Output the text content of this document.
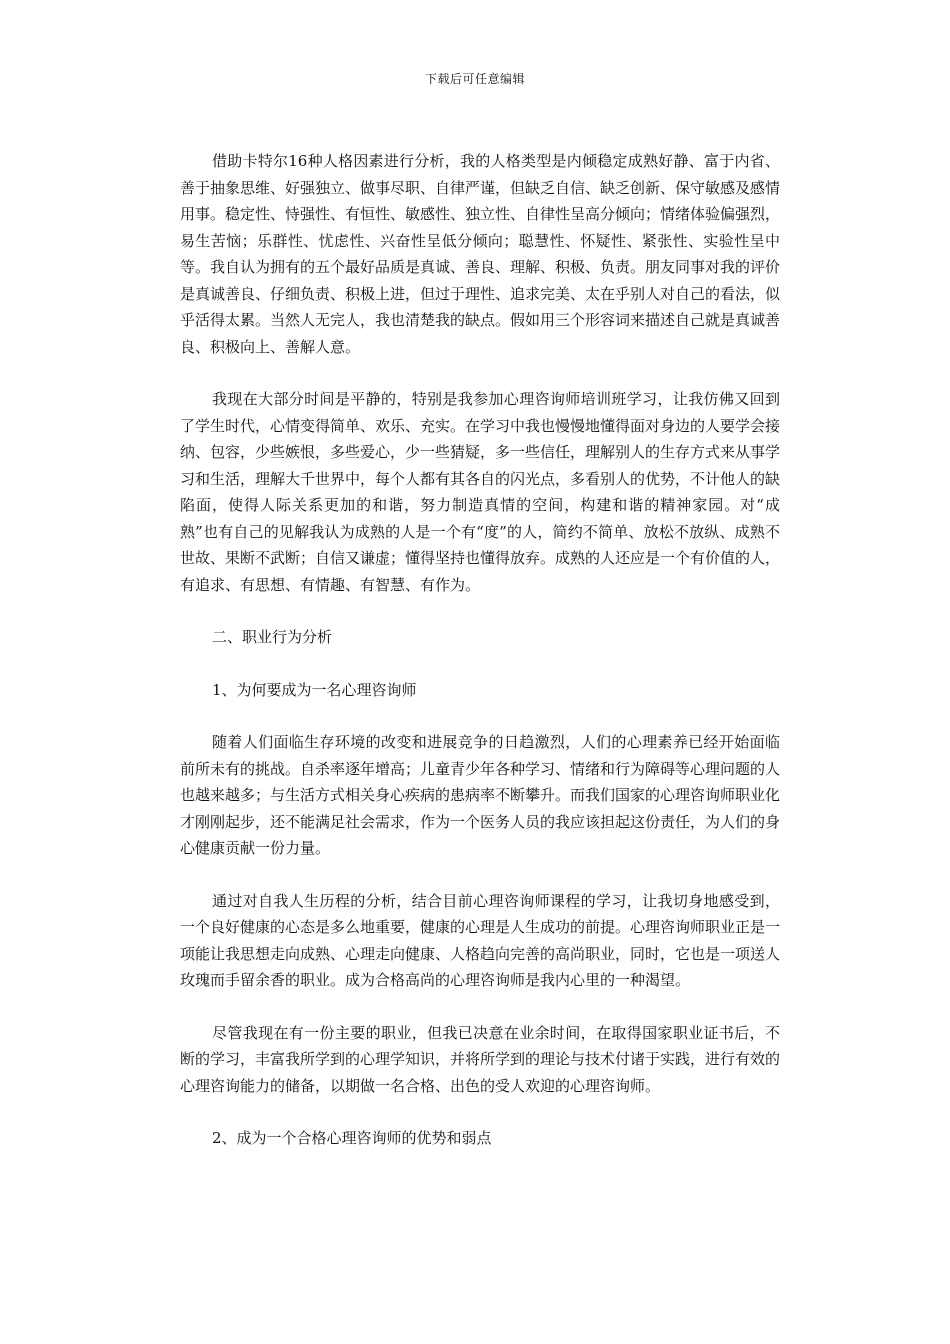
下载后可任意编辑

借助卡特尔16种人格因素进行分析，我的人格类型是内倾稳定成熟好静、富于内省、善于抽象思维、好强独立、做事尽职、自律严谨，但缺乏自信、缺乏创新、保守敏感及感情用事。稳定性、恃强性、有恒性、敏感性、独立性、自律性呈高分倾向；情绪体验偏强烈，易生苦恼；乐群性、忧虑性、兴奋性呈低分倾向；聪慧性、怀疑性、紧张性、实验性呈中等。我自认为拥有的五个最好品质是真诚、善良、理解、积极、负责。朋友同事对我的评价是真诚善良、仔细负责、积极上进，但过于理性、追求完美、太在乎别人对自己的看法，似乎活得太累。当然人无完人，我也清楚我的缺点。假如用三个形容词来描述自己就是真诚善良、积极向上、善解人意。

我现在大部分时间是平静的，特别是我参加心理咨询师培训班学习，让我仿佛又回到了学生时代，心情变得简单、欢乐、充实。在学习中我也慢慢地懂得面对身边的人要学会接纳、包容，少些嫉恨，多些爱心，少一些猜疑，多一些信任，理解别人的生存方式来从事学习和生活，理解大千世界中，每个人都有其各自的闪光点，多看别人的优势，不计他人的缺陷面，使得人际关系更加的和谐，努力制造真情的空间，构建和谐的精神家园。对“成熟”也有自己的见解我认为成熟的人是一个有“度”的人，简约不简单、放松不放纵、成熟不世故、果断不武断；自信又谦虚；懂得坚持也懂得放弃。成熟的人还应是一个有价值的人，有追求、有思想、有情趣、有智慧、有作为。

二、职业行为分析

1、为何要成为一名心理咨询师

随着人们面临生存环境的改变和进展竞争的日趋激烈，人们的心理素养已经开始面临前所未有的挑战。自杀率逐年增高；儿童青少年各种学习、情绪和行为障碍等心理问题的人也越来越多；与生活方式相关身心疾病的患病率不断攀升。而我们国家的心理咨询师职业化才刚刚起步，还不能满足社会需求，作为一个医务人员的我应该担起这份责任，为人们的身心健康贡献一份力量。

通过对自我人生历程的分析，结合目前心理咨询师课程的学习，让我切身地感受到，一个良好健康的心态是多么地重要，健康的心理是人生成功的前提。心理咨询师职业正是一项能让我思想走向成熟、心理走向健康、人格趋向完善的高尚职业，同时，它也是一项送人玫瑰而手留余香的职业。成为合格高尚的心理咨询师是我内心里的一种渴望。

尽管我现在有一份主要的职业，但我已决意在业余时间，在取得国家职业证书后，不断的学习，丰富我所学到的心理学知识，并将所学到的理论与技术付诸于实践，进行有效的心理咨询能力的储备，以期做一名合格、出色的受人欢迎的心理咨询师。

2、成为一个合格心理咨询师的优势和弱点
